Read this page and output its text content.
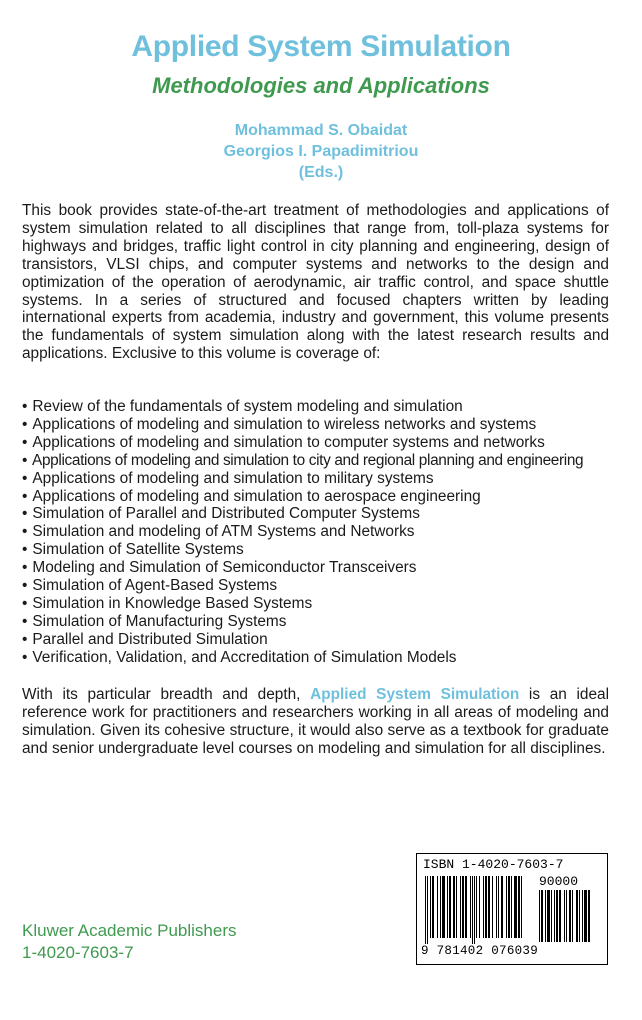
Applied System Simulation
Methodologies and Applications
Mohammad S. Obaidat
Georgios I. Papadimitriou
(Eds.)

This book provides state-of-the-art treatment of methodologies and applications of system simulation related to all disciplines that range from, toll-plaza systems for highways and bridges, traffic light control in city planning and engineering, design of transistors, VLSI chips, and computer systems and networks to the design and optimization of the operation of aerodynamic, air traffic control, and space shuttle systems. In a series of structured and focused chapters written by leading international experts from academia, industry and government, this volume presents the fundamentals of system simulation along with the latest research results and applications. Exclusive to this volume is coverage of:

• Review of the fundamentals of system modeling and simulation
• Applications of modeling and simulation to wireless networks and systems
• Applications of modeling and simulation to computer systems and networks
• Applications of modeling and simulation to city and regional planning and engineering
• Applications of modeling and simulation to military systems
• Applications of modeling and simulation to aerospace engineering
• Simulation of Parallel and Distributed Computer Systems
• Simulation and modeling of ATM Systems and Networks
• Simulation of Satellite Systems
• Modeling and Simulation of Semiconductor Transceivers
• Simulation of Agent-Based Systems
• Simulation in Knowledge Based Systems
• Simulation of Manufacturing Systems
• Parallel and Distributed Simulation
• Verification, Validation, and Accreditation of Simulation Models

With its particular breadth and depth, Applied System Simulation is an ideal reference work for practitioners and researchers working in all areas of modeling and simulation. Given its cohesive structure, it would also serve as a textbook for graduate and senior undergraduate level courses on modeling and simulation for all disciplines.

Kluwer Academic Publishers
1-4020-7603-7
ISBN 1-4020-7603-7
90000
9 781402 076039
